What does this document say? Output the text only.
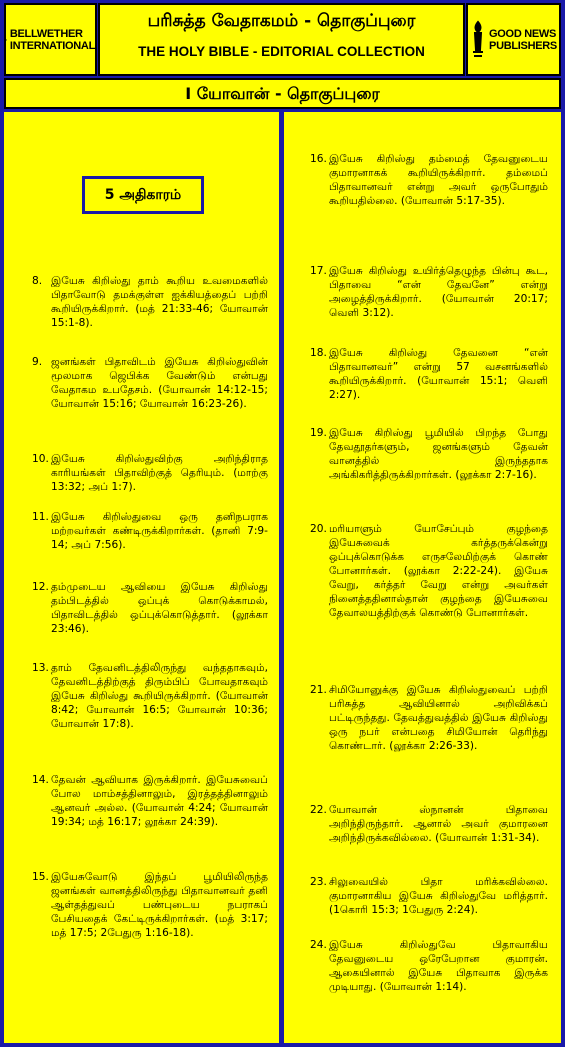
BELLWETHER
INTERNATIONAL
பரிசுத்த வேதாகமம் - தொகுப்புரை
THE HOLY BIBLE - EDITORIAL COLLECTION
GOOD NEWS
PUBLISHERS
I யோவான் - தொகுப்புரை
5 அதிகாரம்
8. இயேசு கிறிஸ்து தாம் கூறிய உவமைகளில் பிதாவோடு தமக்குள்ள ஐக்கியத்தைப் பற்றி கூறியிருக்கிறார். (மத் 21:33-46; யோவான் 15:1-8).
9. ஜனங்கள் பிதாவிடம் இயேசு கிறிஸ்துவின் மூலமாக ஜெபிக்க வேண்டும் என்பது வேதாகம உபதேசம். (யோவான் 14:12-15; யோவான் 15:16; யோவான் 16:23-26).
10. இயேசு கிறிஸ்துவிற்கு அறிந்திராத காரியங்கள் பிதாவிற்குத் தெரியும். (மாற்கு 13:32; அப் 1:7).
11. இயேசு கிறிஸ்துவை ஒரு தனிநபராக மற்றவர்கள் கண்டிருக்கிறார்கள். (தானி 7:9-14; அப் 7:56).
12. தம்முடைய ஆவியை இயேசு கிறிஸ்து தம்பிடத்தில் ஒப்புக் கொடுக்காமல், பிதாவிடத்தில் ஒப்புக்கொடுத்தார். (லூக்கா 23:46).
13. தாம் தேவனிடத்திலிருந்து வந்ததாகவும், தேவனிடத்திற்குத் திரும்பிப் போவதாகவும் இயேசு கிறிஸ்து கூறியிருக்கிறார். (யோவான் 8:42; யோவான் 16:5; யோவான் 10:36; யோவான் 17:8).
14. தேவன் ஆவியாக இருக்கிறார். இயேசுவைப் போல மாம்சத்தினாலும், இரத்தத்தினாலும் ஆனவர் அல்ல. (யோவான் 4:24; யோவான் 19:34; மத் 16:17; லூக்கா 24:39).
15. இயேசுவோடு இந்தப் பூமியிலிருந்த ஜனங்கள் வானத்திலிருந்து பிதாவானவர் தனி ஆள்தத்துவப் பண்புடைய நபராகப் பேசியதைக் கேட்டிருக்கிறார்கள். (மத் 3:17; மத் 17:5; 2பேதுரு 1:16-18).
16. இயேசு கிறிஸ்து தம்மைத் தேவனுடைய குமாரனாகக் கூறியிருக்கிறார். தம்மைப் பிதாவானவர் என்று அவர் ஒருபோதும் கூறியதில்லை. (யோவான் 5:17-35).
17. இயேசு கிறிஸ்து உயிர்த்தெழுந்த பின்பு கூட, பிதாவை “என் தேவனே” என்று அழைத்திருக்கிறார். (யோவான் 20:17; வெளி 3:12).
18. இயேசு கிறிஸ்து தேவனை “என் பிதாவானவர்” என்று 57 வசனங்களில் கூறியிருக்கிறார். (யோவான் 15:1; வெளி 2:27).
19. இயேசு கிறிஸ்து பூமியில் பிறந்த போது தேவதூதர்களும், ஜனங்களும் தேவன் வானத்தில் இருந்ததாக அங்கிகரித்திருக்கிறார்கள். (லூக்கா 2:7-16).
20. மரியாளும் யோசேப்பும் குழந்தை இயேசுவைக் கர்த்தருக்கென்று ஒப்புக்கொடுக்க எருசலேமிற்குக் கொண் போனார்கள். (லூக்கா 2:22-24). இயேசு வேறு, கர்த்தர் வேறு என்று அவர்கள் நினைத்ததினால்தான் குழந்தை இயேசுவை தேவாலயத்திற்குக் கொண்டு போனார்கள்.
21. சிமியோனுக்கு இயேசு கிறிஸ்துவைப் பற்றி பரிசுத்த ஆவியினால் அறிவிக்கப் பட்டிருந்தது. தேவத்துவத்தில் இயேசு கிறிஸ்து ஒரு நபர் என்பதை சிமியோன் தெரிந்து கொண்டார். (லூக்கா 2:26-33).
22. யோவான் ஸ்நானன் பிதாவை அறிந்திருந்தார். ஆனால் அவர் குமாரனை அறிந்திருக்கவில்லை. (யோவான் 1:31-34).
23. சிலுவையில் பிதா மரிக்கவில்லை. குமாரனாகிய இயேசு கிறிஸ்துவே மரித்தார். (1கொரி 15:3; 1பேதுரு 2:24).
24. இயேசு கிறிஸ்துவே பிதாவாகிய தேவனுடைய ஒரேபேறான குமாரன். ஆகையினால் இயேசு பிதாவாக இருக்க முடியாது. (யோவான் 1:14).
